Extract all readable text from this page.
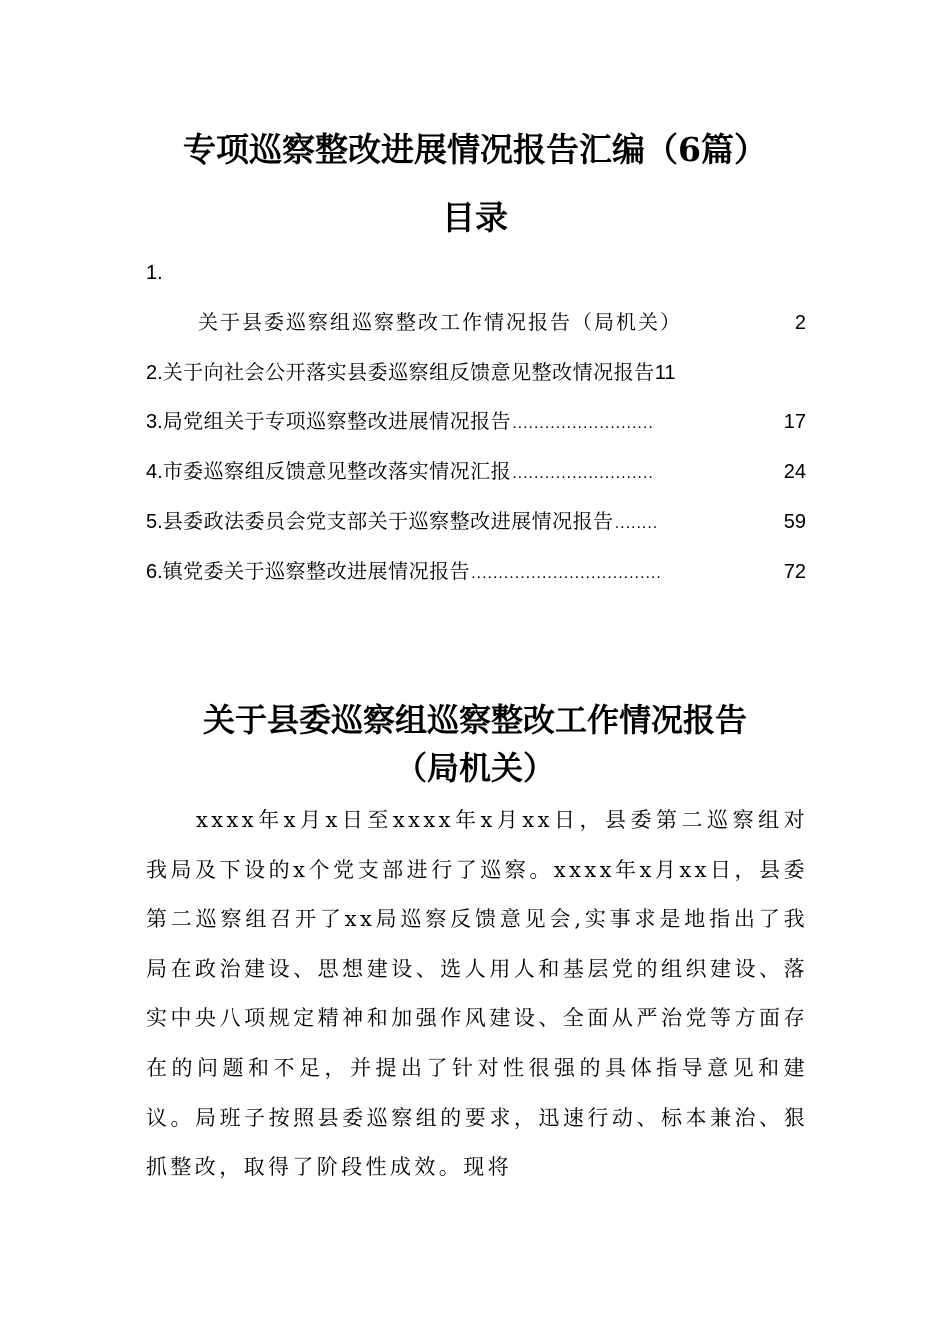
专项巡察整改进展情况报告汇编（6篇）
目录
1.
关于县委巡察组巡察整改工作情况报告（局机关）	2
2. 关于向社会公开落实县委巡察组反馈意见整改情况报告 11
3. 局党组关于专项巡察整改进展情况报告 ..........................	17
4. 市委巡察组反馈意见整改落实情况汇报 ..........................	24
5. 县委政法委员会党支部关于巡察整改进展情况报告 ........	59
6. 镇党委关于巡察整改进展情况报告 ...................................	72
关于县委巡察组巡察整改工作情况报告
（局机关）

xxxx年x月x日至xxxx年x月xx日，县委第二巡察组对我局及下设的x个党支部进行了巡察。xxxx年x月xx日，县委第二巡察组召开了xx局巡察反馈意见会,实事求是地指出了我局在政治建设、思想建设、选人用人和基层党的组织建设、落实中央八项规定精神和加强作风建设、全面从严治党等方面存在的问题和不足，并提出了针对性很强的具体指导意见和建议。局班子按照县委巡察组的要求，迅速行动、标本兼治、狠抓整改，取得了阶段性成效。现将
